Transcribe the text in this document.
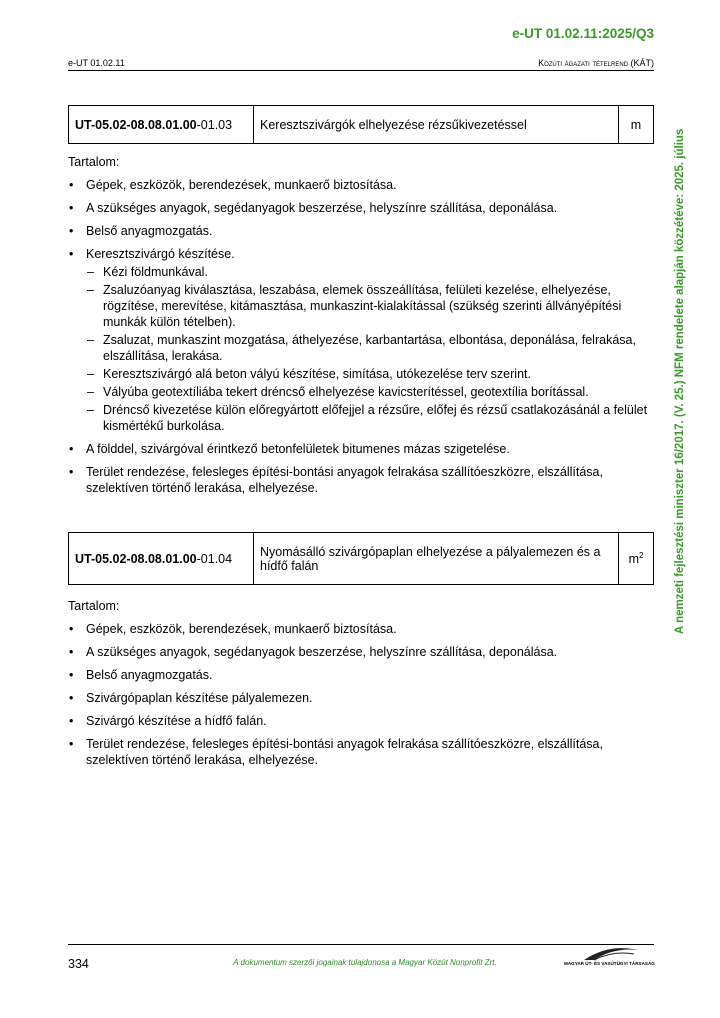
e-UT 01.02.11:2025/Q3
e-UT 01.02.11	Közúti ágazati tételrend (KÁT)
A nemzeti fejlesztési miniszter 16/2017. (V. 25.) NFM rendelete alapján közzétéve: 2025. július
UT-05.02-08.08.01.00-01.03	Keresztszivárgók elhelyezése rézsűkivezetéssel	m
Tartalom:
• Gépek, eszközök, berendezések, munkaerő biztosítása.
• A szükséges anyagok, segédanyagok beszerzése, helyszínre szállítása, deponálása.
• Belső anyagmozgatás.
• Keresztszivárgó készítése.
– Kézi földmunkával.
– Zsaluzóanyag kiválasztása, leszabása, elemek összeállítása, felületi kezelése, elhelyezése, rögzítése, merevítése, kitámasztása, munkaszint-kialakítással (szükség szerinti állványépítési munkák külön tételben).
– Zsaluzat, munkaszint mozgatása, áthelyezése, karbantartása, elbontása, deponálása, felrakása, elszállítása, lerakása.
– Keresztszivárgó alá beton vályú készítése, simítása, utókezelése terv szerint.
– Vályúba geotextíliába tekert dréncső elhelyezése kavicsterítéssel, geotextília borítással.
– Dréncső kivezetése külön előregyártott előfejjel a rézsűre, előfej és rézsű csatlakozásánál a felület kismértékű burkolása.
• A földdel, szivárgóval érintkező betonfelületek bitumenes mázas szigetelése.
• Terület rendezése, felesleges építési-bontási anyagok felrakása szállítóeszközre, elszállítása, szelektíven történő lerakása, elhelyezése.
UT-05.02-08.08.01.00-01.04	Nyomásálló szivárgópaplan elhelyezése a pályalemezen és a hídfő falán	$m^2$
Tartalom:
• Gépek, eszközök, berendezések, munkaerő biztosítása.
• A szükséges anyagok, segédanyagok beszerzése, helyszínre szállítása, deponálása.
• Belső anyagmozgatás.
• Szivárgópaplan készítése pályalemezen.
• Szivárgó készítése a hídfő falán.
• Terület rendezése, felesleges építési-bontási anyagok felrakása szállítóeszközre, elszállítása, szelektíven történő lerakása, elhelyezése.
334	A dokumentum szerzői jogainak tulajdonosa a Magyar Közút Nonprofit Zrt.	MAGYAR ÚT- ÉS VASÚTÜGYI TÁRSASÁG
